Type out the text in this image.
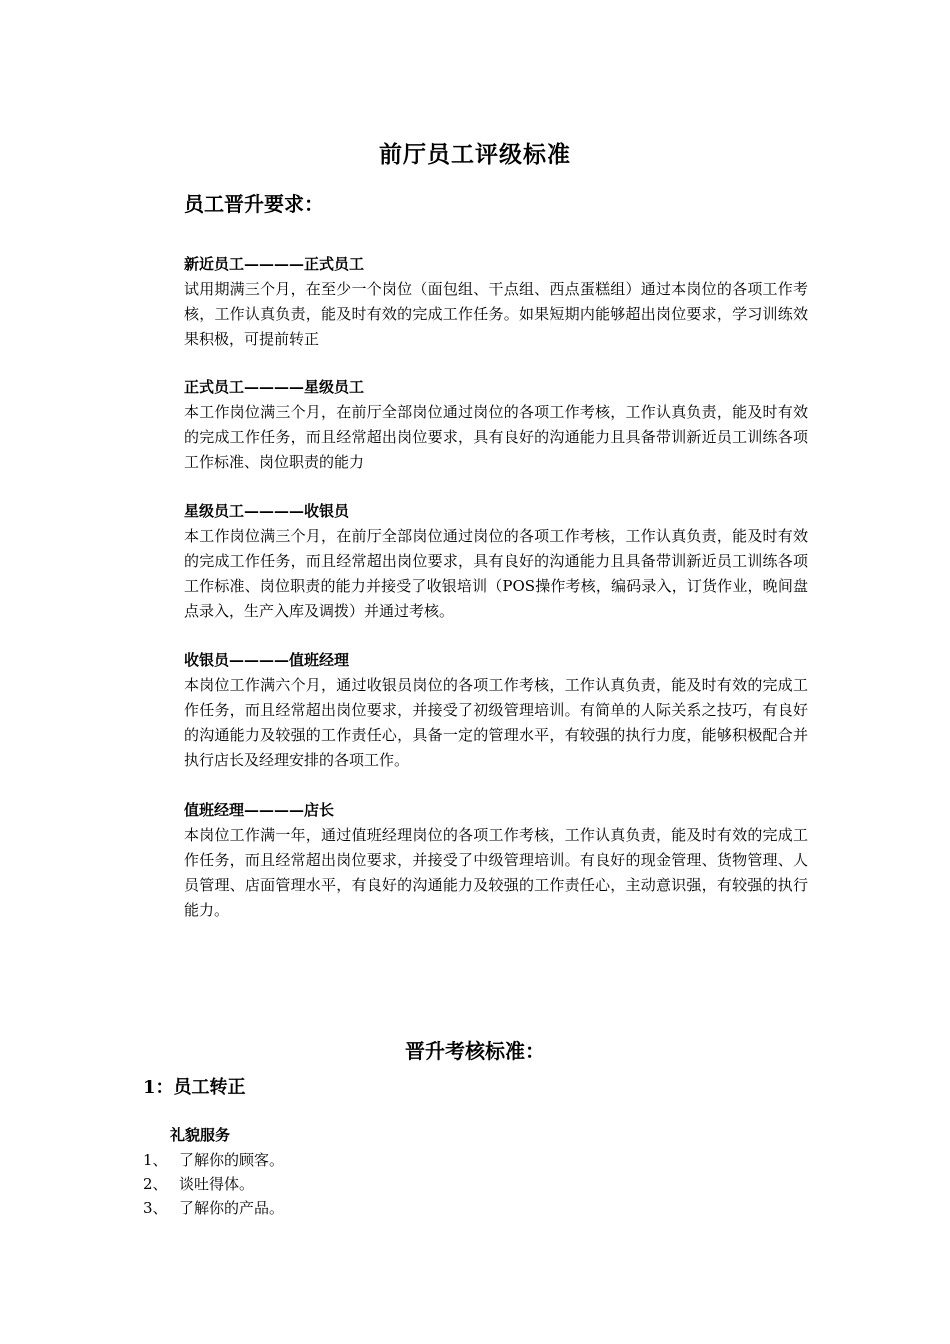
前厅员工评级标准
员工晋升要求：
新近员工————正式员工
试用期满三个月，在至少一个岗位（面包组、干点组、西点蛋糕组）通过本岗位的各项工作考核，工作认真负责，能及时有效的完成工作任务。如果短期内能够超出岗位要求，学习训练效果积极，可提前转正
正式员工————星级员工
本工作岗位满三个月，在前厅全部岗位通过岗位的各项工作考核，工作认真负责，能及时有效的完成工作任务，而且经常超出岗位要求，具有良好的沟通能力且具备带训新近员工训练各项工作标准、岗位职责的能力
星级员工————收银员
本工作岗位满三个月，在前厅全部岗位通过岗位的各项工作考核，工作认真负责，能及时有效的完成工作任务，而且经常超出岗位要求，具有良好的沟通能力且具备带训新近员工训练各项工作标准、岗位职责的能力并接受了收银培训（POS操作考核，编码录入，订货作业，晚间盘点录入，生产入库及调拨）并通过考核。
收银员————值班经理
本岗位工作满六个月，通过收银员岗位的各项工作考核，工作认真负责，能及时有效的完成工作任务，而且经常超出岗位要求，并接受了初级管理培训。有简单的人际关系之技巧，有良好的沟通能力及较强的工作责任心，具备一定的管理水平，有较强的执行力度，能够积极配合并执行店长及经理安排的各项工作。
值班经理————店长
本岗位工作满一年，通过值班经理岗位的各项工作考核，工作认真负责，能及时有效的完成工作任务，而且经常超出岗位要求，并接受了中级管理培训。有良好的现金管理、货物管理、人员管理、店面管理水平，有良好的沟通能力及较强的工作责任心，主动意识强，有较强的执行能力。
晋升考核标准：
1：员工转正
礼貌服务
1、 了解你的顾客。
2、 谈吐得体。
3、 了解你的产品。
